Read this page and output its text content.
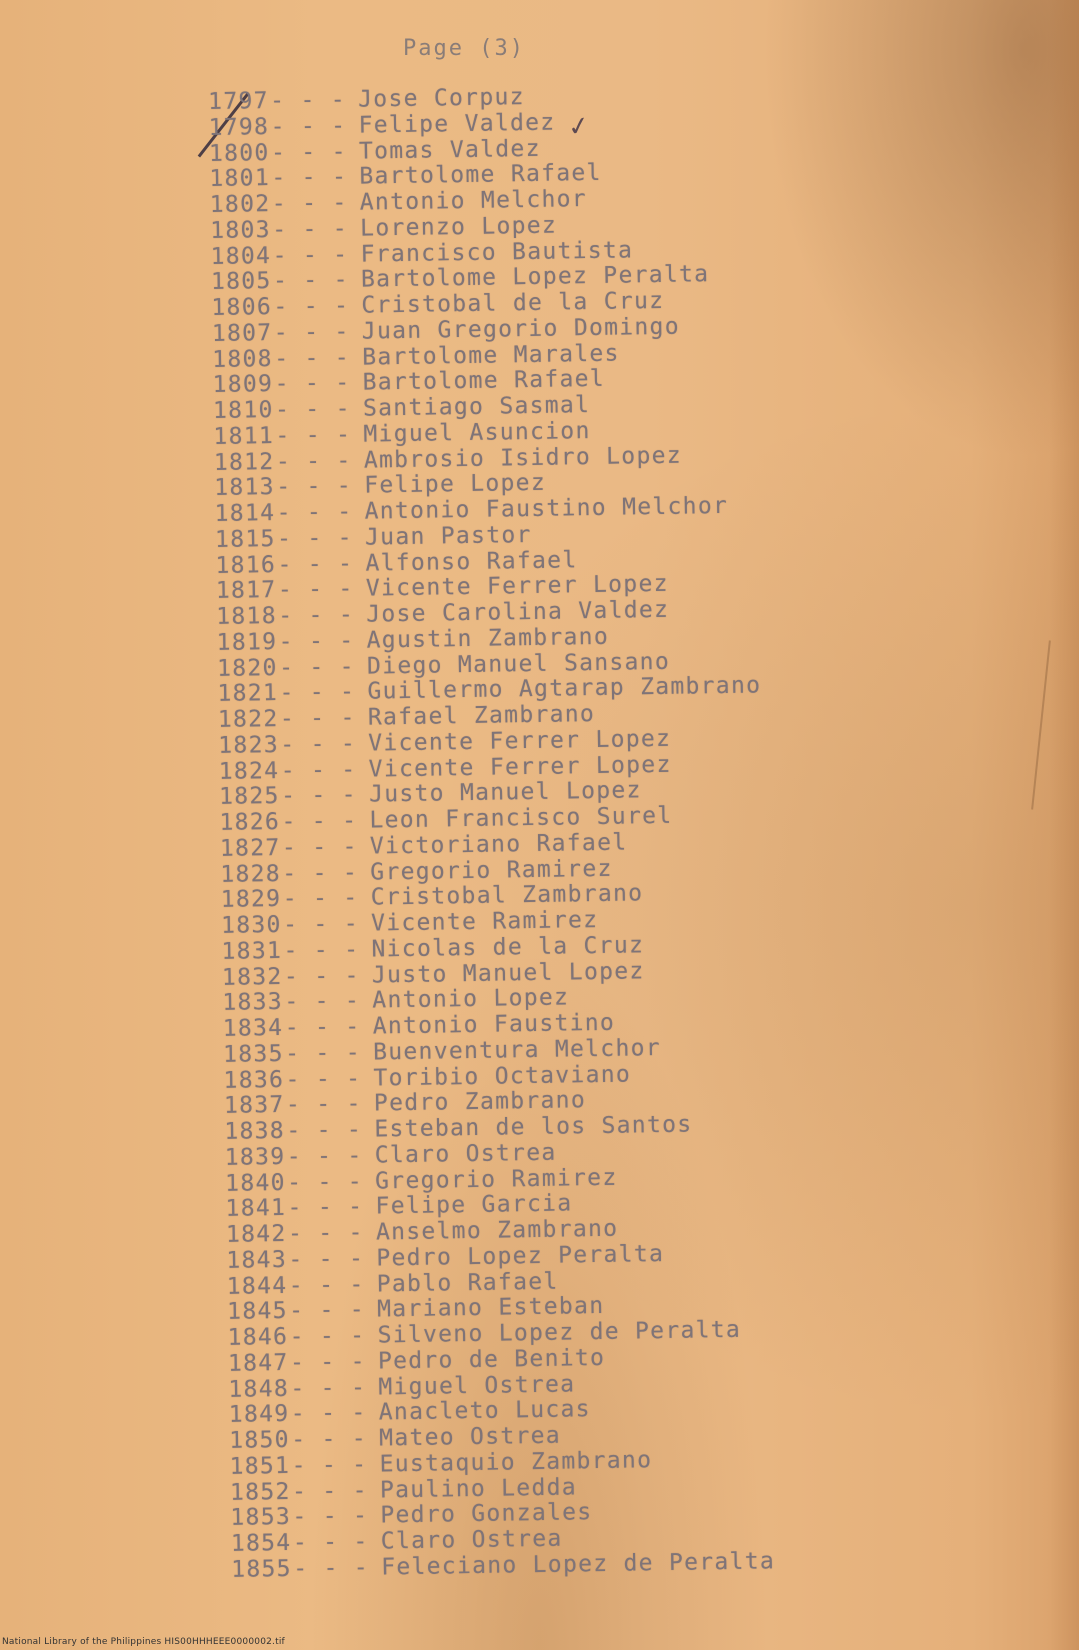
Page (3)
✓
1797- - - Jose Corpuz
1798- - - Felipe Valdez
1800- - - Tomas Valdez
1801- - - Bartolome Rafael
1802- - - Antonio Melchor
1803- - - Lorenzo Lopez
1804- - - Francisco Bautista
1805- - - Bartolome Lopez Peralta
1806- - - Cristobal de la Cruz
1807- - - Juan Gregorio Domingo
1808- - - Bartolome Marales
1809- - - Bartolome Rafael
1810- - - Santiago Sasmal
1811- - - Miguel Asuncion
1812- - - Ambrosio Isidro Lopez
1813- - - Felipe Lopez
1814- - - Antonio Faustino Melchor
1815- - - Juan Pastor
1816- - - Alfonso Rafael
1817- - - Vicente Ferrer Lopez
1818- - - Jose Carolina Valdez
1819- - - Agustin Zambrano
1820- - - Diego Manuel Sansano
1821- - - Guillermo Agtarap Zambrano
1822- - - Rafael Zambrano
1823- - - Vicente Ferrer Lopez
1824- - - Vicente Ferrer Lopez
1825- - - Justo Manuel Lopez
1826- - - Leon Francisco Surel
1827- - - Victoriano Rafael
1828- - - Gregorio Ramirez
1829- - - Cristobal Zambrano
1830- - - Vicente Ramirez
1831- - - Nicolas de la Cruz
1832- - - Justo Manuel Lopez
1833- - - Antonio Lopez
1834- - - Antonio Faustino
1835- - - Buenventura Melchor
1836- - - Toribio Octaviano
1837- - - Pedro Zambrano
1838- - - Esteban de los Santos
1839- - - Claro Ostrea
1840- - - Gregorio Ramirez
1841- - - Felipe Garcia
1842- - - Anselmo Zambrano
1843- - - Pedro Lopez Peralta
1844- - - Pablo Rafael
1845- - - Mariano Esteban
1846- - - Silveno Lopez de Peralta
1847- - - Pedro de Benito
1848- - - Miguel Ostrea
1849- - - Anacleto Lucas
1850- - - Mateo Ostrea
1851- - - Eustaquio Zambrano
1852- - - Paulino Ledda
1853- - - Pedro Gonzales
1854- - - Claro Ostrea
1855- - - Feleciano Lopez de Peralta
National Library of the Philippines HIS00HHHEEE0000002.tif
